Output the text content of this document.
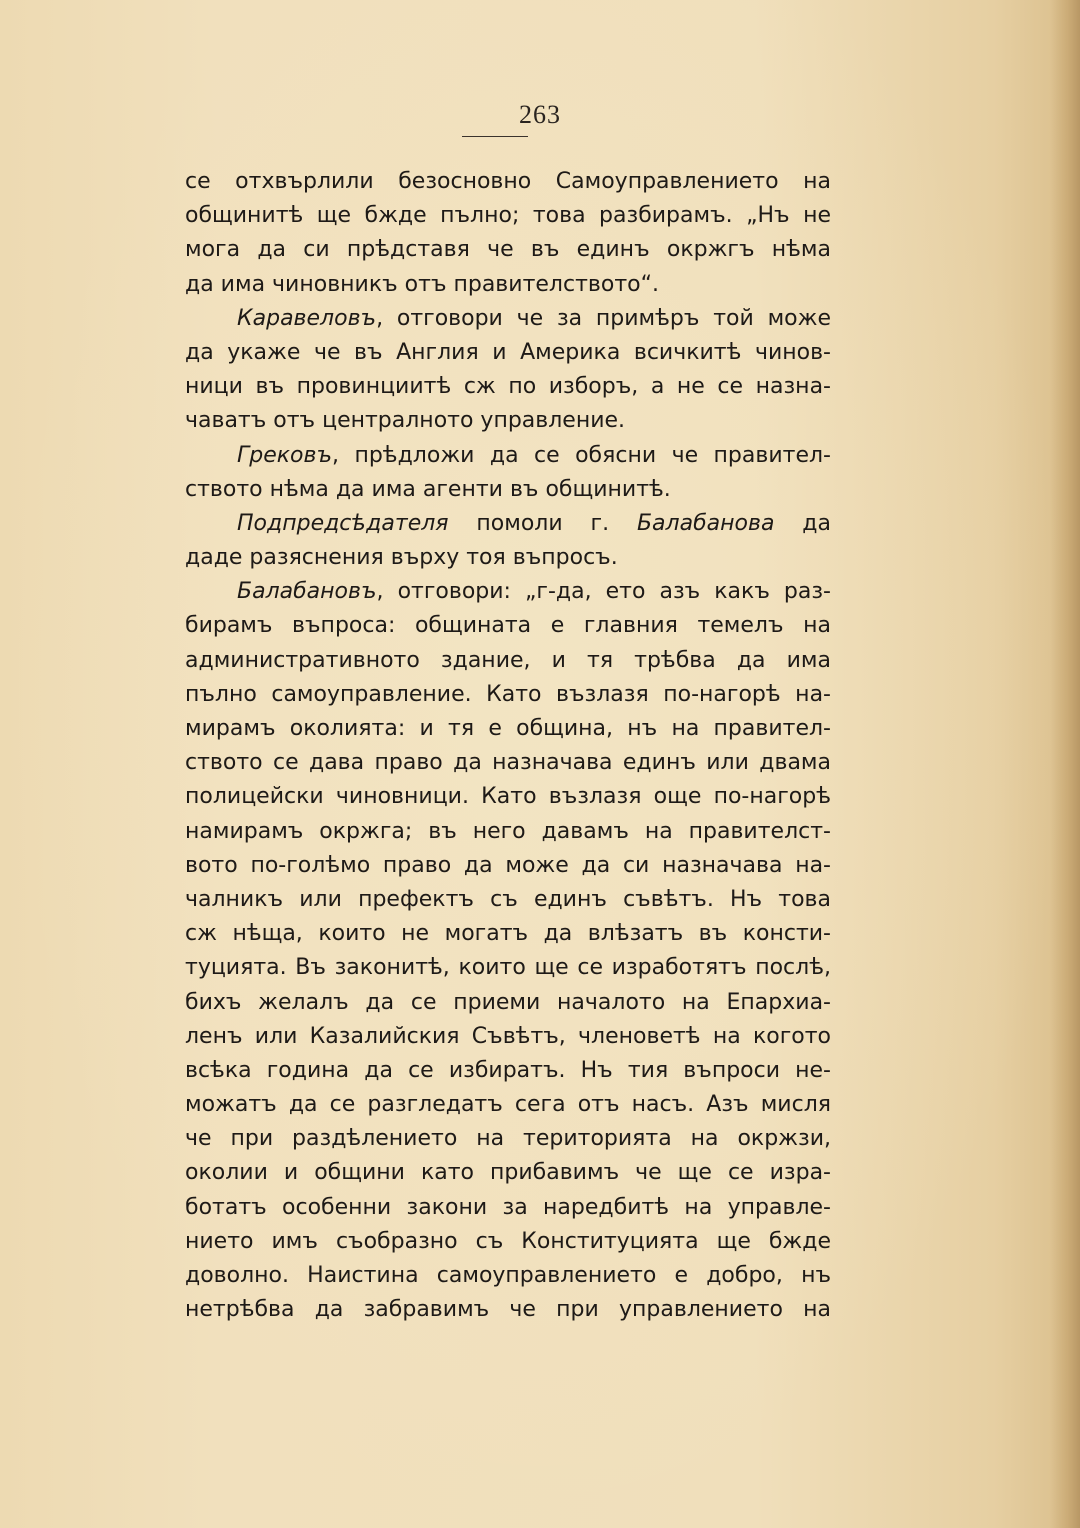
263
се отхвърлили безосновно Самоуправлението на
общинитѣ ще бжде пълно; това разбирамъ. „Нъ не
мога да си прѣдставя че въ единъ окржгъ нѣма
да има чиновникъ отъ правителството“.
Каравеловъ, отговори че за примѣръ той може
да укаже че въ Англия и Америка всичкитѣ чинов-
ници въ провинциитѣ сж по изборъ, а не се назна-
чаватъ отъ централното управление.
Грековъ, прѣдложи да се обясни че правител-
ството нѣма да има агенти въ общинитѣ.
Подпредсѣдателя помоли г. Балабанова да
даде разяснения върху тоя въпросъ.
Балабановъ, отговори: „г-да, ето азъ какъ раз-
бирамъ въпроса: общината е главния темелъ на
административното здание, и тя трѣбва да има
пълно самоуправление. Като възлазя по-нагорѣ на-
мирамъ околията: и тя е община, нъ на правител-
ството се дава право да назначава единъ или двама
полицейски чиновници. Като възлазя още по-нагорѣ
намирамъ окржга; въ него давамъ на правителст-
вото по-голѣмо право да може да си назначава на-
чалникъ или префектъ съ единъ съвѣтъ. Нъ това
сж нѣща, които не могатъ да влѣзатъ въ консти-
туцията. Въ законитѣ, които ще се изработятъ послѣ,
бихъ желалъ да се приеми началото на Епархиа-
ленъ или Казалийския Съвѣтъ, членоветѣ на когото
всѣка година да се избиратъ. Нъ тия въпроси не-
можатъ да се разгледатъ сега отъ насъ. Азъ мисля
че при раздѣлението на територията на окржзи,
околии и общини като прибавимъ че ще се изра-
ботатъ особенни закони за наредбитѣ на управле-
нието имъ съобразно съ Конституцията ще бжде
доволно. Наистина самоуправлението е добро, нъ
нетрѣбва да забравимъ че при управлението на
